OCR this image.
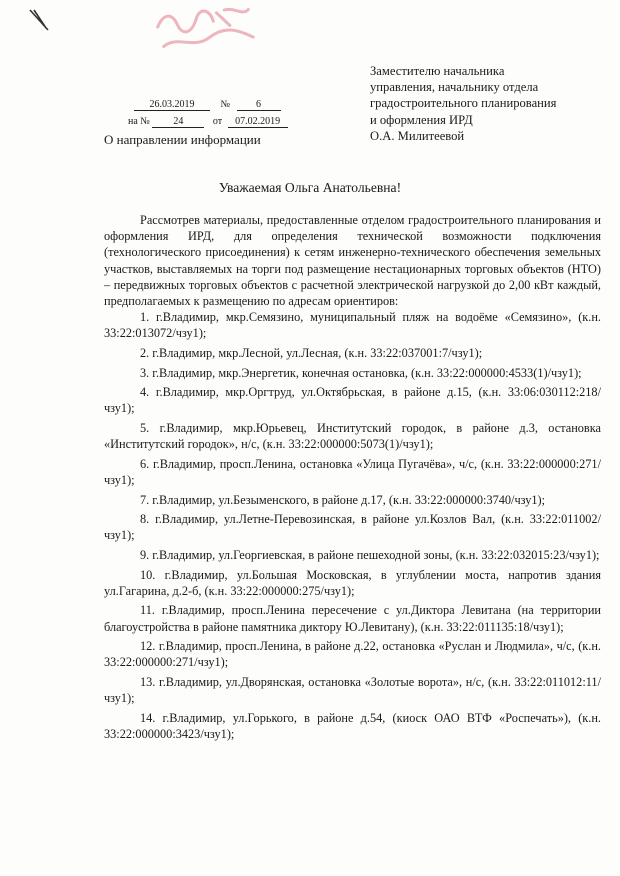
Заместителю начальника
управления, начальнику отдела
градостроительного планирования
и оформления ИРД
О.А. Милитеевой
26.03.2019	№	6
на № 24	от 07.02.2019
О направлении информации
Уважаемая Ольга Анатольевна!

Рассмотрев материалы, предоставленные отделом градостроительного планирования и оформления ИРД, для определения технической возможности подключения (технологического присоединения) к сетям инженерно-технического обеспечения земельных участков, выставляемых на торги под размещение нестационарных торговых объектов (НТО) – передвижных торговых объектов с расчетной электрической нагрузкой до 2,00 кВт каждый, предполагаемых к размещению по адресам ориентиров:

1. г.Владимир, мкр.Семязино, муниципальный пляж на водоёме «Семязино», (к.н. 33:22:013072/чзу1);

2. г.Владимир, мкр.Лесной, ул.Лесная, (к.н. 33:22:037001:7/чзу1);

3. г.Владимир, мкр.Энергетик, конечная остановка, (к.н. 33:22:000000:4533(1)/чзу1);

4. г.Владимир, мкр.Оргтруд, ул.Октябрьская, в районе д.15, (к.н. 33:06:030112:218/чзу1);

5. г.Владимир, мкр.Юрьевец, Институтский городок, в районе д.3, остановка «Институтский городок», н/с, (к.н. 33:22:000000:5073(1)/чзу1);

6. г.Владимир, просп.Ленина, остановка «Улица Пугачёва», ч/с, (к.н. 33:22:000000:271/чзу1);

7. г.Владимир, ул.Безыменского, в районе д.17, (к.н. 33:22:000000:3740/чзу1);

8. г.Владимир, ул.Летне-Перевозинская, в районе ул.Козлов Вал, (к.н. 33:22:011002/чзу1);

9. г.Владимир, ул.Георгиевская, в районе пешеходной зоны, (к.н. 33:22:032015:23/чзу1);

10. г.Владимир, ул.Большая Московская, в углублении моста, напротив здания ул.Гагарина, д.2-б, (к.н. 33:22:000000:275/чзу1);

11. г.Владимир, просп.Ленина пересечение с ул.Диктора Левитана (на территории благоустройства в районе памятника диктору Ю.Левитану), (к.н. 33:22:011135:18/чзу1);

12. г.Владимир, просп.Ленина, в районе д.22, остановка «Руслан и Людмила», ч/с, (к.н. 33:22:000000:271/чзу1);

13. г.Владимир, ул.Дворянская, остановка «Золотые ворота», н/с, (к.н. 33:22:011012:11/чзу1);

14. г.Владимир, ул.Горького, в районе д.54, (киоск ОАО ВТФ «Роспечать»), (к.н. 33:22:000000:3423/чзу1);
